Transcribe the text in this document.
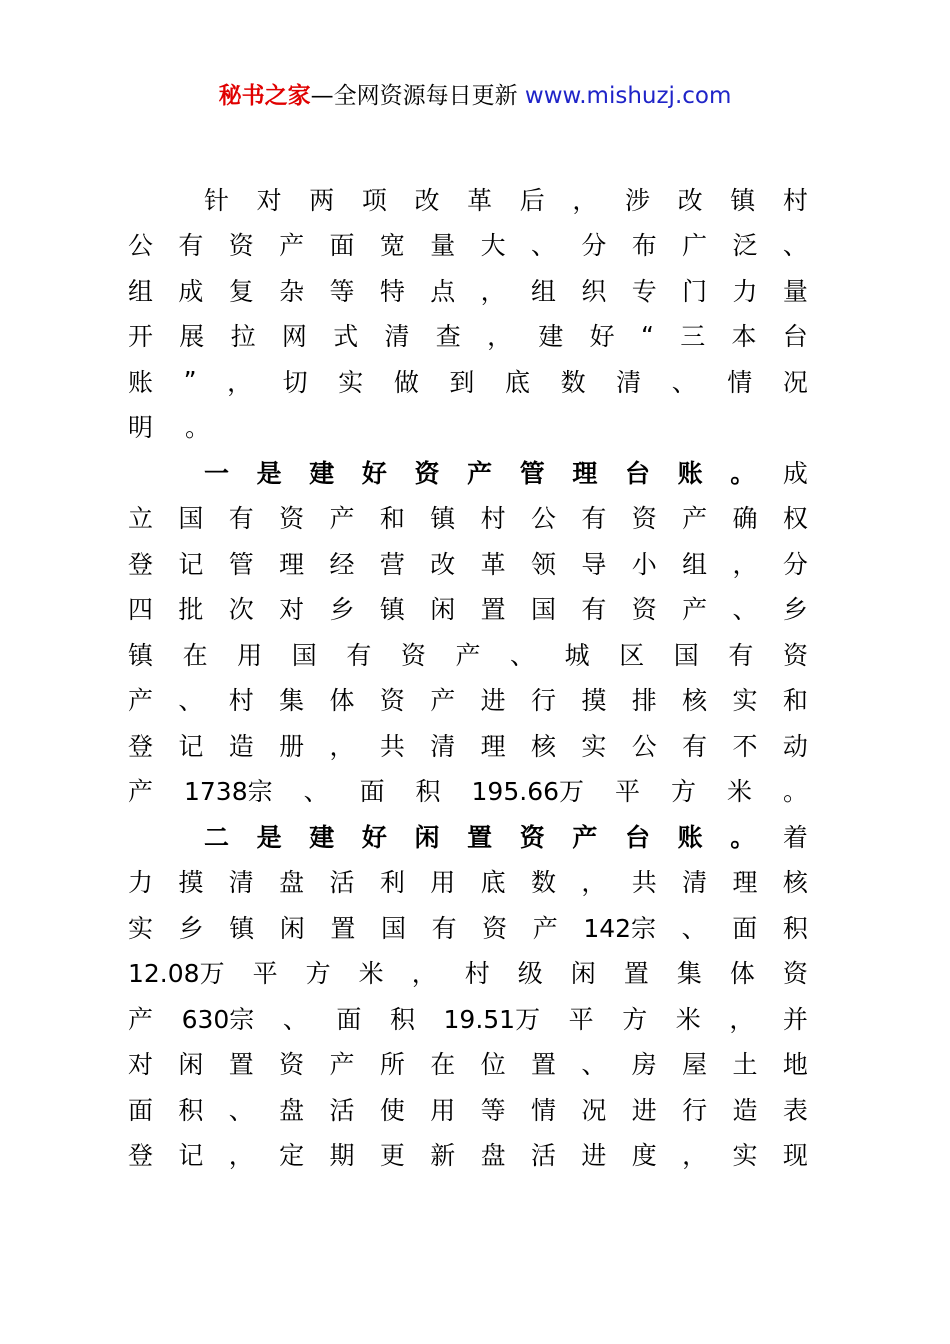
秘书之家—全网资源每日更新 www.mishuzj.com
针 对 两 项 改 革 后 ， 涉 改 镇 村
公 有 资 产 面 宽 量 大 、 分 布 广 泛 、
组 成 复 杂 等 特 点 ， 组 织 专 门 力 量
开 展 拉 网 式 清 查 ， 建 好 “ 三 本 台
账 ” ， 切 实 做 到 底 数 清 、 情 况
明 。
一 是 建 好 资 产 管 理 台 账 。 成
立 国 有 资 产 和 镇 村 公 有 资 产 确 权
登 记 管 理 经 营 改 革 领 导 小 组 ， 分
四 批 次 对 乡 镇 闲 置 国 有 资 产 、 乡
镇 在 用 国 有 资 产 、 城 区 国 有 资
产 、 村 集 体 资 产 进 行 摸 排 核 实 和
登 记 造 册 ， 共 清 理 核 实 公 有 不 动
产 1738宗 、 面 积 195.66万 平 方 米 。
二 是 建 好 闲 置 资 产 台 账 。 着
力 摸 清 盘 活 利 用 底 数 ， 共 清 理 核
实 乡 镇 闲 置 国 有 资 产 142宗 、 面 积
12.08万 平 方 米 ， 村 级 闲 置 集 体 资
产 630宗 、 面 积 19.51万 平 方 米 ， 并
对 闲 置 资 产 所 在 位 置 、 房 屋 土 地
面 积 、 盘 活 使 用 等 情 况 进 行 造 表
登 记 ， 定 期 更 新 盘 活 进 度 ， 实 现
